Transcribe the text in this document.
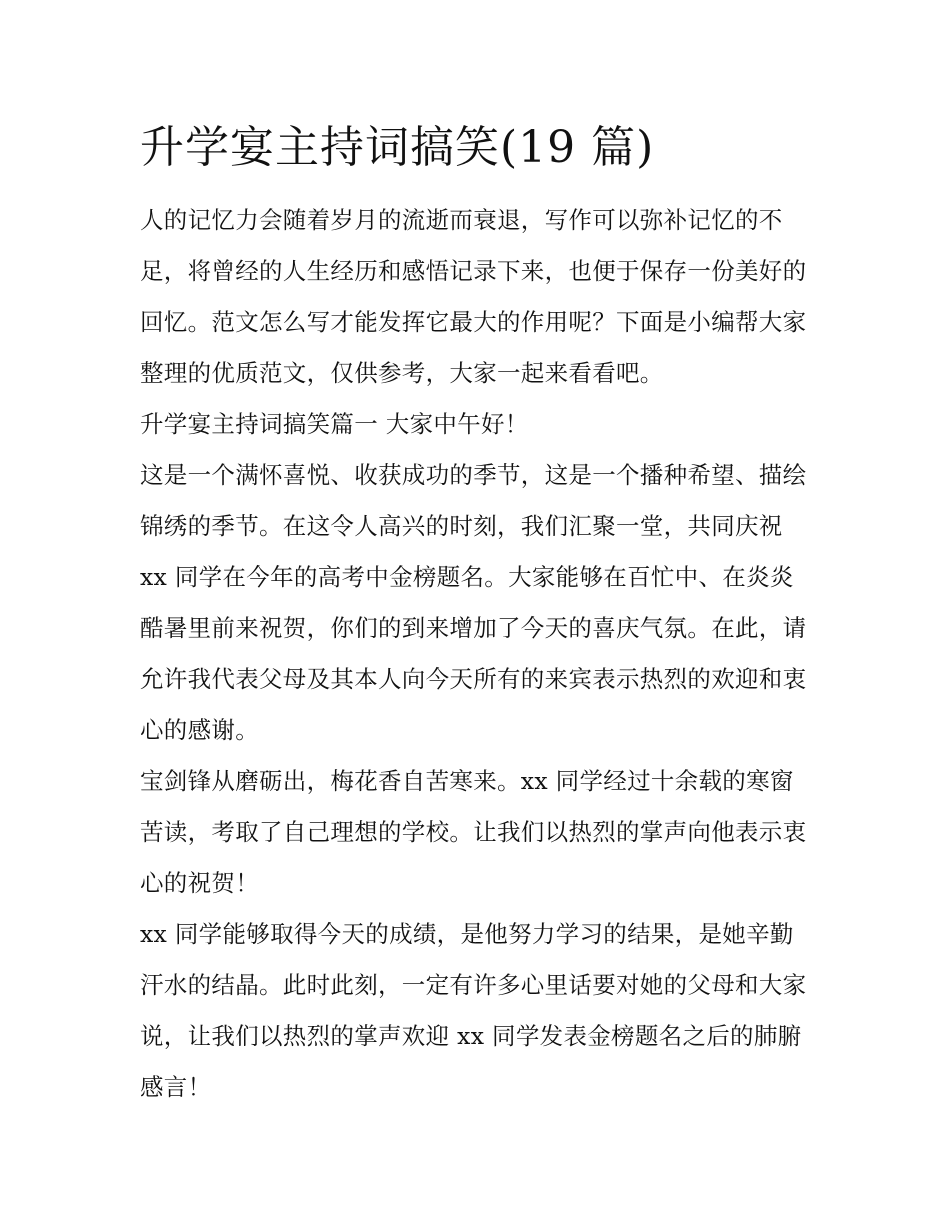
升学宴主持词搞笑(19 篇)

人的记忆力会随着岁月的流逝而衰退，写作可以弥补记忆的不足，将曾经的人生经历和感悟记录下来，也便于保存一份美好的回忆。范文怎么写才能发挥它最大的作用呢？下面是小编帮大家整理的优质范文，仅供参考，大家一起来看看吧。

升学宴主持词搞笑篇一 大家中午好！

这是一个满怀喜悦、收获成功的季节，这是一个播种希望、描绘锦绣的季节。在这令人高兴的时刻，我们汇聚一堂，共同庆祝 xx 同学在今年的高考中金榜题名。大家能够在百忙中、在炎炎酷暑里前来祝贺，你们的到来增加了今天的喜庆气氛。在此，请允许我代表父母及其本人向今天所有的来宾表示热烈的欢迎和衷心的感谢。

宝剑锋从磨砺出，梅花香自苦寒来。xx 同学经过十余载的寒窗苦读，考取了自己理想的学校。让我们以热烈的掌声向他表示衷心的祝贺！

xx 同学能够取得今天的成绩，是他努力学习的结果，是她辛勤汗水的结晶。此时此刻，一定有许多心里话要对她的父母和大家说，让我们以热烈的掌声欢迎 xx 同学发表金榜题名之后的肺腑感言！
